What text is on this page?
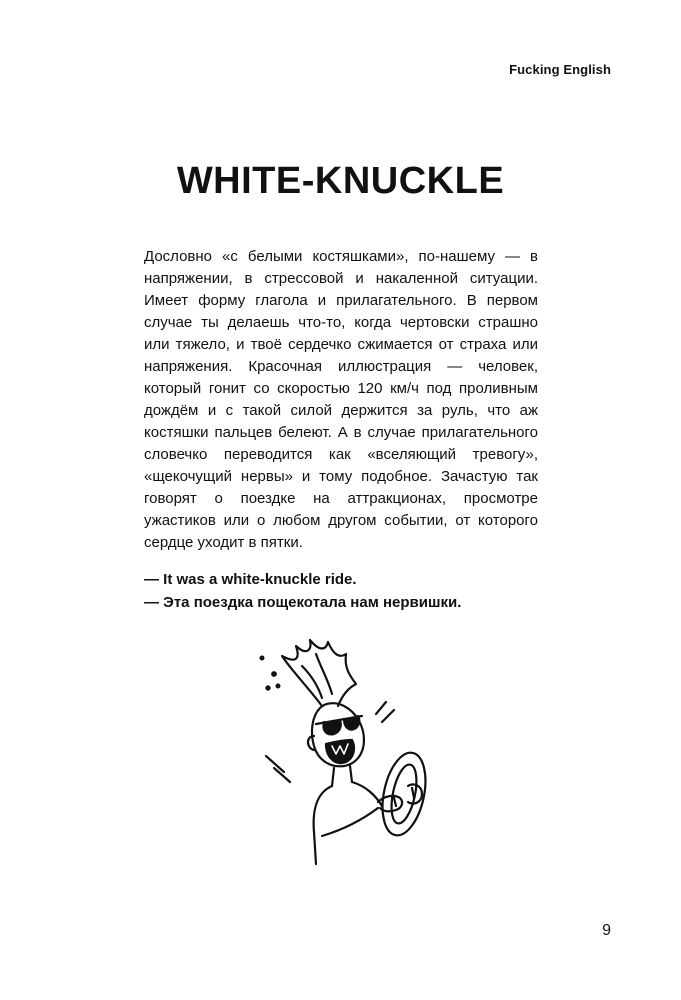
Fucking English
WHITE-KNUCKLE

Дословно «с белыми костяшками», по-нашему — в напряжении, в стрессовой и накаленной ситуации. Имеет форму глагола и прилагательного. В первом случае ты делаешь что-то, когда чертовски страшно или тяжело, и твоё сердечко сжимается от страха или напряжения. Красочная иллюстрация — человек, который гонит со скоростью 120 км/ч под проливным дождём и с такой силой держится за руль, что аж костяшки пальцев белеют. А в случае прилагательного словечко переводится как «вселяющий тревогу», «щекочущий нервы» и тому подобное. Зачастую так говорят о поездке на аттракционах, просмотре ужастиков или о любом другом событии, от которого сердце уходит в пятки.

— It was a white-knuckle ride.
— Эта поездка пощекотала нам нервишки.
9
